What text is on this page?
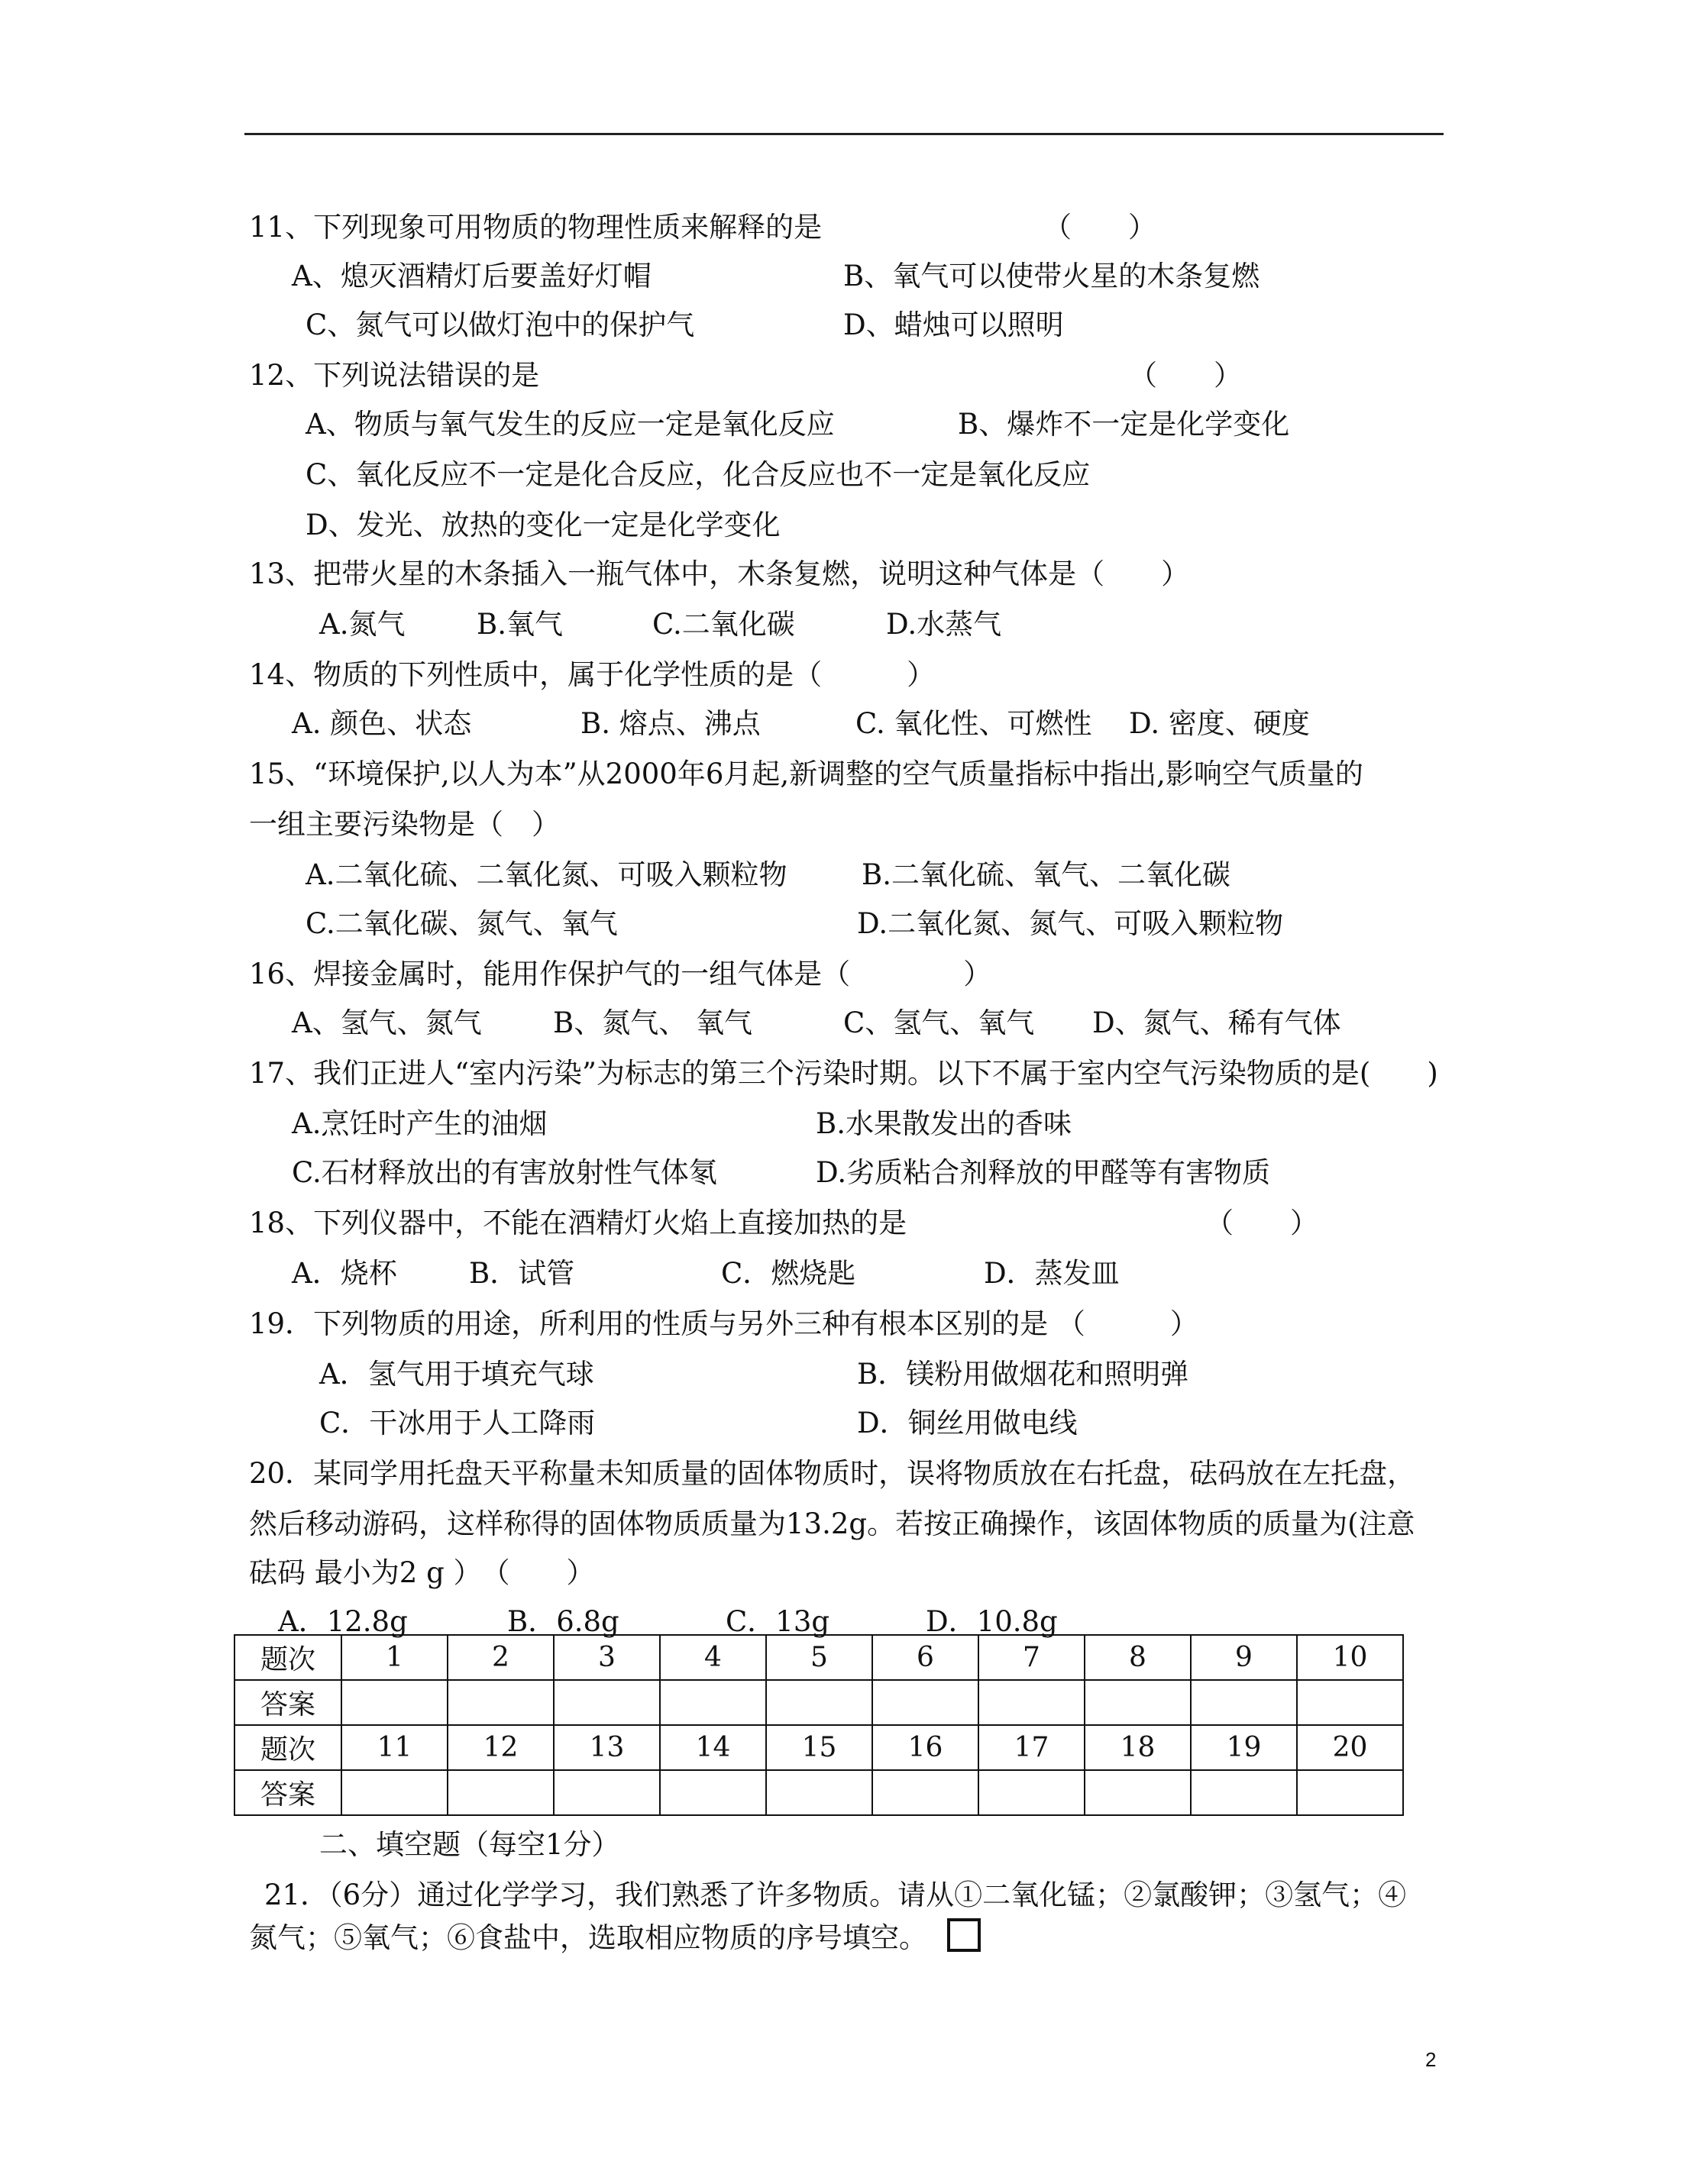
11、下列现象可用物质的物理性质来解释的是	（　　）
A、熄灭酒精灯后要盖好灯帽	B、氧气可以使带火星的木条复燃
C、氮气可以做灯泡中的保护气	D、蜡烛可以照明
12、下列说法错误的是	（　　）
A、物质与氧气发生的反应一定是氧化反应	B、爆炸不一定是化学变化
C、氧化反应不一定是化合反应，化合反应也不一定是氧化反应
D、发光、放热的变化一定是化学变化
13、把带火星的木条插入一瓶气体中，木条复燃，说明这种气体是（　　）
A.氮气	B.氧气	C.二氧化碳	D.水蒸气
14、物质的下列性质中，属于化学性质的是（　　　）
A. 颜色、状态	B. 熔点、沸点	C. 氧化性、可燃性 D. 密度、硬度
15、“环境保护,以人为本”从2000年6月起,新调整的空气质量指标中指出,影响空气质量的
一组主要污染物是（　）
A.二氧化硫、二氧化氮、可吸入颗粒物	B.二氧化硫、氧气、二氧化碳
C.二氧化碳、氮气、氧气	D.二氧化氮、氮气、可吸入颗粒物
16、焊接金属时，能用作保护气的一组气体是（　　　　）
A、氢气、氮气	B、氮气、 氧气	C、氢气、氧气 D、氮气、稀有气体
17、我们正进人“室内污染”为标志的第三个污染时期。以下不属于室内空气污染物质的是(　　)
A.烹饪时产生的油烟	B.水果散发出的香味
C.石材释放出的有害放射性气体氡	D.劣质粘合剂释放的甲醛等有害物质
18、下列仪器中，不能在酒精灯火焰上直接加热的是	（　　）
A．烧杯	B．试管	C．燃烧匙	D．蒸发皿
19．下列物质的用途，所利用的性质与另外三种有根本区别的是 （　　　）
A．氢气用于填充气球	B．镁粉用做烟花和照明弹
C．干冰用于人工降雨	D．铜丝用做电线
20．某同学用托盘天平称量未知质量的固体物质时，误将物质放在右托盘，砝码放在左托盘，
然后移动游码，这样称得的固体物质质量为13.2g。若按正确操作，该固体物质的质量为(注意
砝码 最小为2 g ）　（　　）
A．12.8g	B．6.8g	C．13g	D．10.8g
题次	1	2	3	4	5	6	7	8	9	10
答案										
题次	11	12	13	14	15	16	17	18	19	20
答案										
二、填空题（每空1分）
21．（6分）通过化学学习，我们熟悉了许多物质。请从①二氧化锰；②氯酸钾；③氢气；④
氮气；⑤氧气；⑥食盐中，选取相应物质的序号填空。
2
